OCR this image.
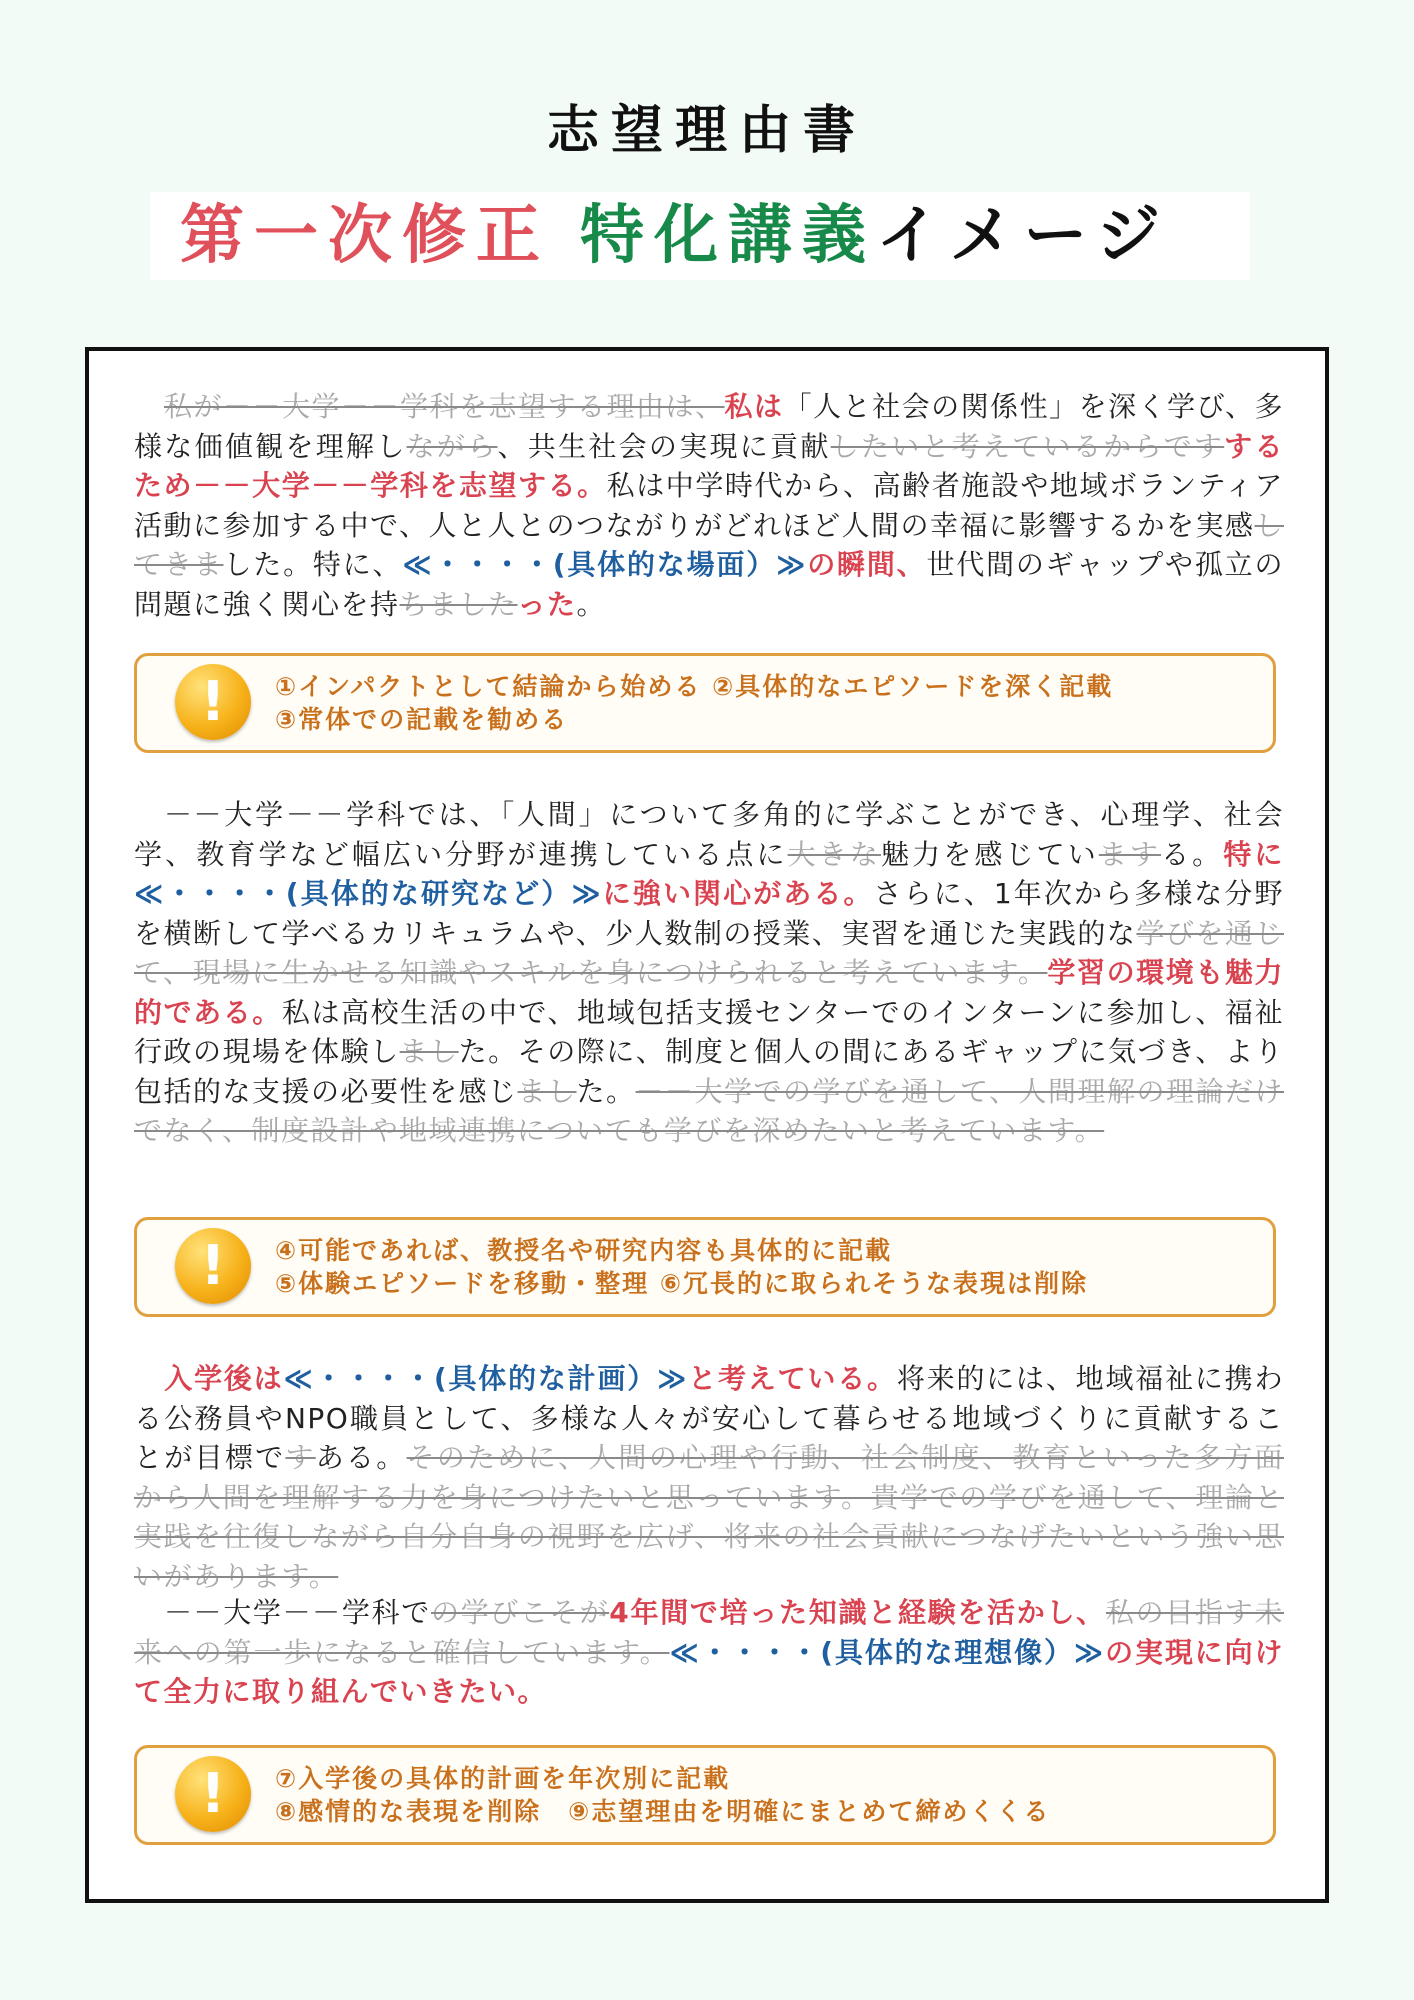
志望理由書
第一次修正 特化講義イメージ
私が－－大学－－学科を志望する理由は、私は「人と社会の関係性」を深く学び、多様な価値観を理解しながら、共生社会の実現に貢献したいと考えているからですするため－－大学－－学科を志望する。私は中学時代から、高齢者施設や地域ボランティア活動に参加する中で、人と人とのつながりがどれほど人間の幸福に影響するかを実感してきました。特に、≪・・・・(具体的な場面）≫の瞬間、世代間のギャップや孤立の問題に強く関心を持ちましたった。
!	①インパクトとして結論から始める ②具体的なエピソードを深く記載
③常体での記載を勧める
－－大学－－学科では、「人間」について多角的に学ぶことができ、心理学、社会学、教育学など幅広い分野が連携している点に大きな魅力を感じていまする。特に≪・・・・(具体的な研究など）≫に強い関心がある。さらに、1年次から多様な分野を横断して学べるカリキュラムや、少人数制の授業、実習を通じた実践的な学びを通じて、現場に生かせる知識やスキルを身につけられると考えています。学習の環境も魅力的である。私は高校生活の中で、地域包括支援センターでのインターンに参加し、福祉行政の現場を体験しました。その際に、制度と個人の間にあるギャップに気づき、より包括的な支援の必要性を感じました。－－大学での学びを通して、人間理解の理論だけでなく、制度設計や地域連携についても学びを深めたいと考えています。
!	④可能であれば、教授名や研究内容も具体的に記載
⑤体験エピソードを移動・整理 ⑥冗長的に取られそうな表現は削除
入学後は≪・・・・(具体的な計画）≫と考えている。将来的には、地域福祉に携わる公務員やNPO職員として、多様な人々が安心して暮らせる地域づくりに貢献することが目標ですある。そのために、人間の心理や行動、社会制度、教育といった多方面から人間を理解する力を身につけたいと思っています。貴学での学びを通して、理論と実践を往復しながら自分自身の視野を広げ、将来の社会貢献につなげたいという強い思いがあります。
－－大学－－学科での学びこそが4年間で培った知識と経験を活かし、私の目指す未来への第一歩になると確信しています。≪・・・・(具体的な理想像）≫の実現に向けて全力に取り組んでいきたい。
!	⑦入学後の具体的計画を年次別に記載
⑧感情的な表現を削除　⑨志望理由を明確にまとめて締めくくる
